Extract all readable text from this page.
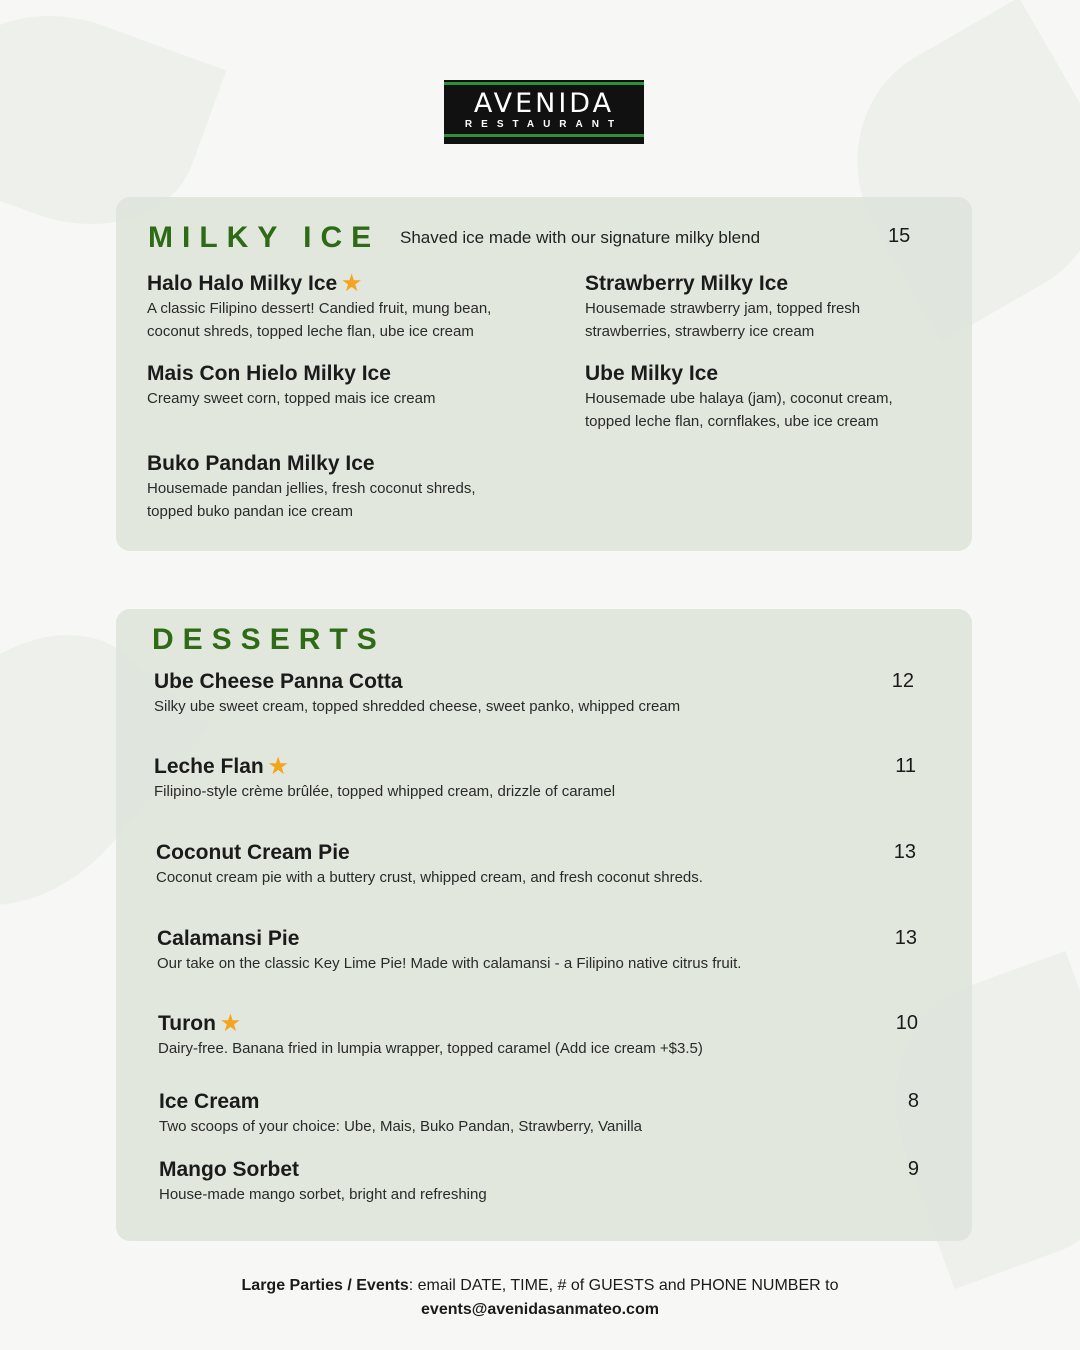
AVENIDA
RESTAURANT
MILKY ICE Shaved ice made with our signature milky blend	15
Halo Halo Milky Ice ★
A classic Filipino dessert! Candied fruit, mung bean, coconut shreds, topped leche flan, ube ice cream
Strawberry Milky Ice
Housemade strawberry jam, topped fresh strawberries, strawberry ice cream
Mais Con Hielo Milky Ice
Creamy sweet corn, topped mais ice cream
Ube Milky Ice
Housemade ube halaya (jam), coconut cream, topped leche flan, cornflakes, ube ice cream
Buko Pandan Milky Ice
Housemade pandan jellies, fresh coconut shreds, topped buko pandan ice cream
DESSERTS
Ube Cheese Panna Cotta
Silky ube sweet cream, topped shredded cheese, sweet panko, whipped cream
12
Leche Flan ★
Filipino-style crème brûlée, topped whipped cream, drizzle of caramel
11
Coconut Cream Pie
Coconut cream pie with a buttery crust, whipped cream, and fresh coconut shreds.
13
Calamansi Pie
Our take on the classic Key Lime Pie! Made with calamansi - a Filipino native citrus fruit.
13
Turon ★
Dairy-free. Banana fried in lumpia wrapper, topped caramel (Add ice cream +$3.5)
10
Ice Cream
Two scoops of your choice: Ube, Mais, Buko Pandan, Strawberry, Vanilla
8
Mango Sorbet
House-made mango sorbet, bright and refreshing
9
Large Parties / Events: email DATE, TIME, # of GUESTS and PHONE NUMBER to
events@avenidasanmateo.com
